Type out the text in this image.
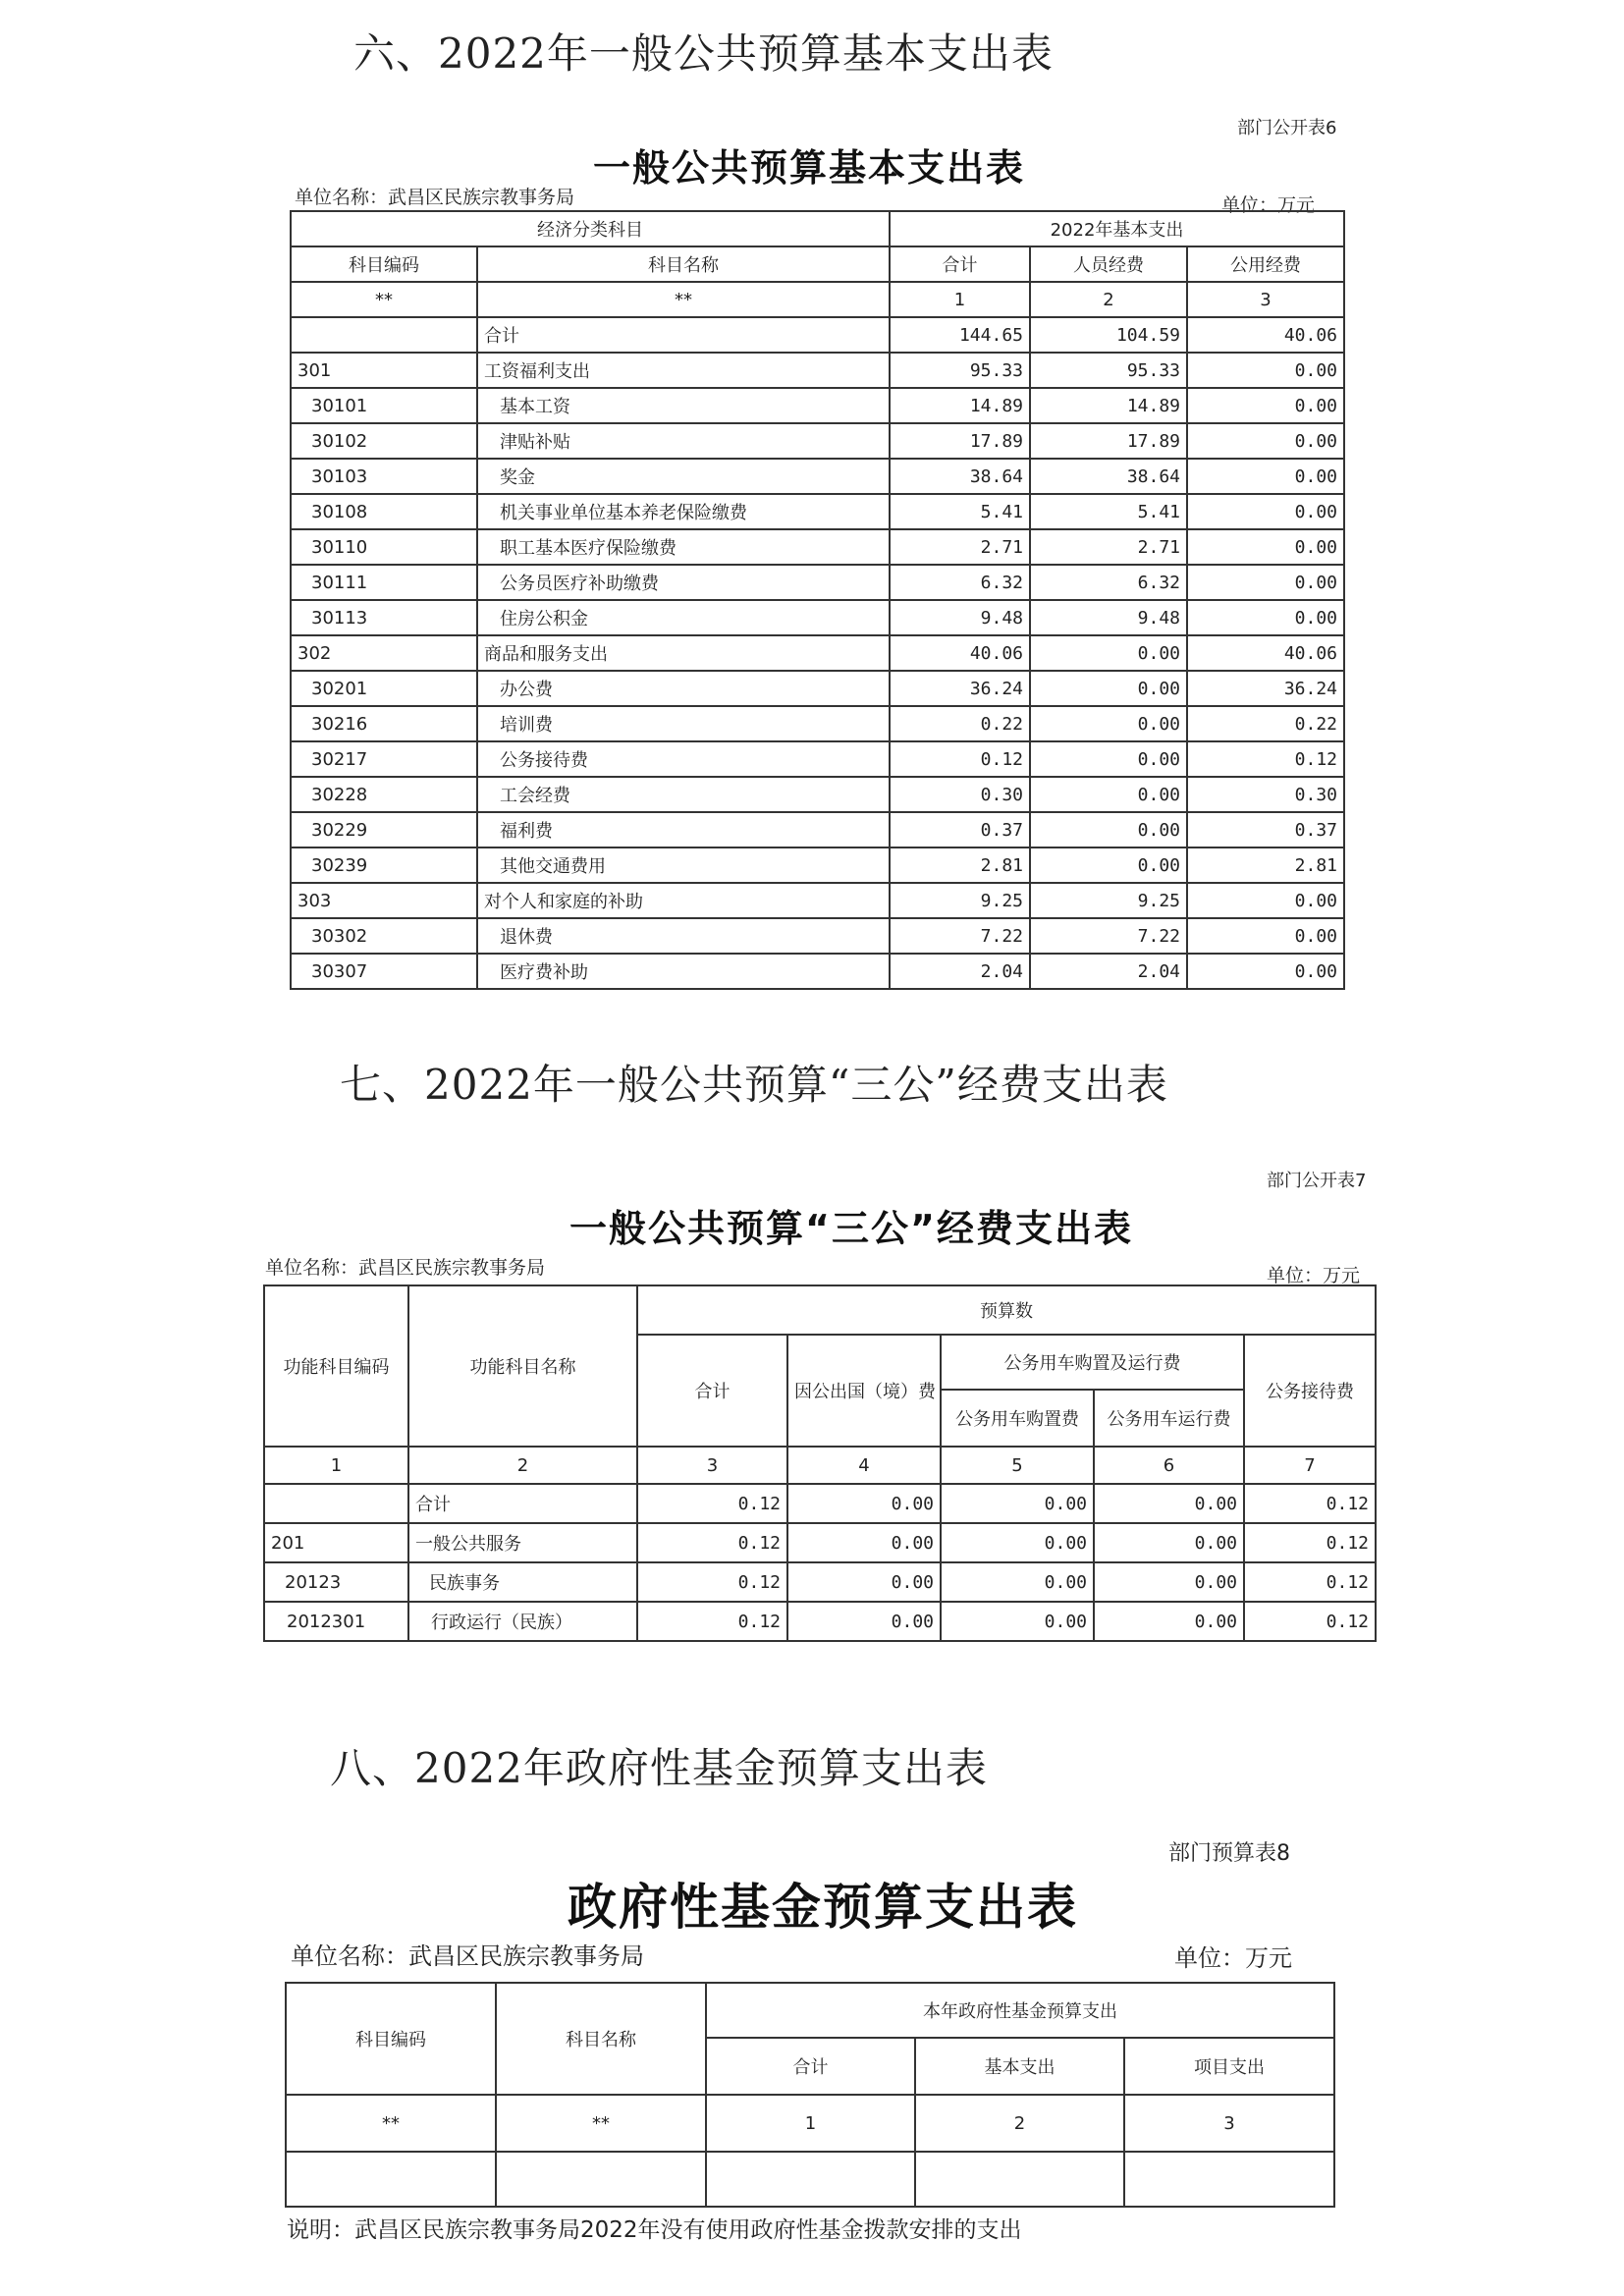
六、2022年一般公共预算基本支出表
部门公开表6
一般公共预算基本支出表
单位名称：武昌区民族宗教事务局	单位：万元
经济分类科目		2022年基本支出		
科目编码	科目名称	合计	人员经费	公用经费
**	**	1	2	3
	合计	144.65	104.59	40.06
301	工资福利支出	95.33	95.33	0.00
30101	基本工资	14.89	14.89	0.00
30102	津贴补贴	17.89	17.89	0.00
30103	奖金	38.64	38.64	0.00
30108	机关事业单位基本养老保险缴费	5.41	5.41	0.00
30110	职工基本医疗保险缴费	2.71	2.71	0.00
30111	公务员医疗补助缴费	6.32	6.32	0.00
30113	住房公积金	9.48	9.48	0.00
302	商品和服务支出	40.06	0.00	40.06
30201	办公费	36.24	0.00	36.24
30216	培训费	0.22	0.00	0.22
30217	公务接待费	0.12	0.00	0.12
30228	工会经费	0.30	0.00	0.30
30229	福利费	0.37	0.00	0.37
30239	其他交通费用	2.81	0.00	2.81
303	对个人和家庭的补助	9.25	9.25	0.00
30302	退休费	7.22	7.22	0.00
30307	医疗费补助	2.04	2.04	0.00
七、2022年一般公共预算“三公”经费支出表
部门公开表7
一般公共预算“三公”经费支出表
单位名称：武昌区民族宗教事务局	单位：万元
功能科目编码	功能科目名称	预算数				
		合计	因公出国（境）费	公务用车购置及运行费		公务接待费
				公务用车购置费	公务用车运行费	
1	2	3	4	5	6	7
	合计	0.12	0.00	0.00	0.00	0.12
201	一般公共服务	0.12	0.00	0.00	0.00	0.12
20123	民族事务	0.12	0.00	0.00	0.00	0.12
2012301	行政运行（民族）	0.12	0.00	0.00	0.00	0.12
八、2022年政府性基金预算支出表
部门预算表8
政府性基金预算支出表
单位名称：武昌区民族宗教事务局	单位：万元
科目编码	科目名称	本年政府性基金预算支出		
		合计	基本支出	项目支出
**	**	1	2	3

说明：武昌区民族宗教事务局2022年没有使用政府性基金拨款安排的支出
